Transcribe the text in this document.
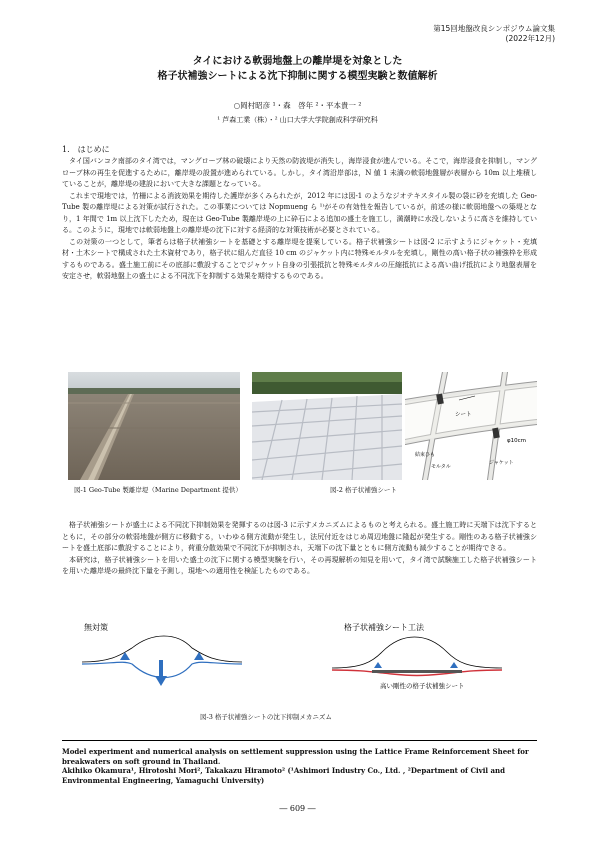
第15回地盤改良シンポジウム論文集
(2022年12月)
タイにおける軟弱地盤上の離岸堤を対象とした
格子状補強シートによる沈下抑制に関する模型実験と数値解析
○岡村昭彦 ¹・森　啓年 ²・平本貴一 ²
¹ 芦森工業（株）・² 山口大学大学院創成科学研究科
1.　はじめに

タイ国バンコク南部のタイ湾では，マングローブ林の破壊により天然の防波堤が消失し，海岸浸食が進んでいる。そこで，海岸浸食を抑制し，マングローブ林の再生を促進するために，離岸堤の設置が進められている。しかし，タイ湾沿岸部は，N 値 1 未満の軟弱地盤層が表層から 10m 以上堆積していることが，離岸堤の建設において大きな課題となっている。

これまで現地では，竹柵による消波効果を期待した護岸が多くみられたが，2012 年には図-1 のようなジオテキスタイル製の袋に砂を充填した Geo-Tube 製の離岸堤による対策が試行された。この事業については Nopmueng ら ¹⁾がその有効性を報告しているが，前述の様に軟弱地盤への築堤となり，1 年間で 1m 以上沈下したため，現在は Geo-Tube 製離岸堤の上に砕石による追加の盛土を施工し，満潮時に水没しないように高さを維持している。このように，現地では軟弱地盤上の離岸堤の沈下に対する経済的な対策技術が必要とされている。

この対策の一つとして，筆者らは格子状補強シートを基礎とする離岸堤を提案している。格子状補強シートは図-2 に示すようにジャケット・充填材・土木シートで構成された土木資材であり，格子状に組んだ直径 10 cm のジャケット内に特殊モルタルを充填し，剛性の高い格子状の補強枠を形成するものである。盛土施工前にその底部に敷設することでジャケット自身の引張抵抗と特殊モルタルの圧縮抵抗による高い曲げ抵抗により地盤表層を安定させ，軟弱地盤上の盛土による不同沈下を抑制する効果を期待するものである。

シート
φ10cm
結束ひも
モルタル
ジャケット
図-1 Geo-Tube 製離岸堤（Marine Department 提供）	図-2 格子状補強シート

格子状補強シートが盛土による不同沈下抑制効果を発揮するのは図-3 に示すメカニズムによるものと考えられる。盛土施工時に天端下は沈下するとともに，その部分の軟弱地盤が側方に移動する，いわゆる側方流動が発生し，法尻付近をはじめ周辺地盤に隆起が発生する。剛性のある格子状補強シートを盛土底部に敷設することにより，荷重分散効果で不同沈下が抑制され，天端下の沈下量とともに側方流動も減少することが期待できる。

本研究は，格子状補強シートを用いた盛土の沈下に関する模型実験を行い，その再現解析の知見を用いて，タイ湾で試験施工した格子状補強シートを用いた離岸堤の最終沈下量を予測し，現地への適用性を検証したものである。

無対策	格子状補強シート工法
高い剛性の格子状補強シート
図-3 格子状補強シートの沈下抑制メカニズム
Model experiment and numerical analysis on settlement suppression using the Lattice Frame Reinforcement Sheet for breakwaters on soft ground in Thailand.
Akihiko Okamura¹, Hirotoshi Mori², Takakazu Hiramoto² (¹Ashimori Industry Co., Ltd. , ²Department of Civil and Environmental Engineering, Yamaguchi University)
― 609 ―
